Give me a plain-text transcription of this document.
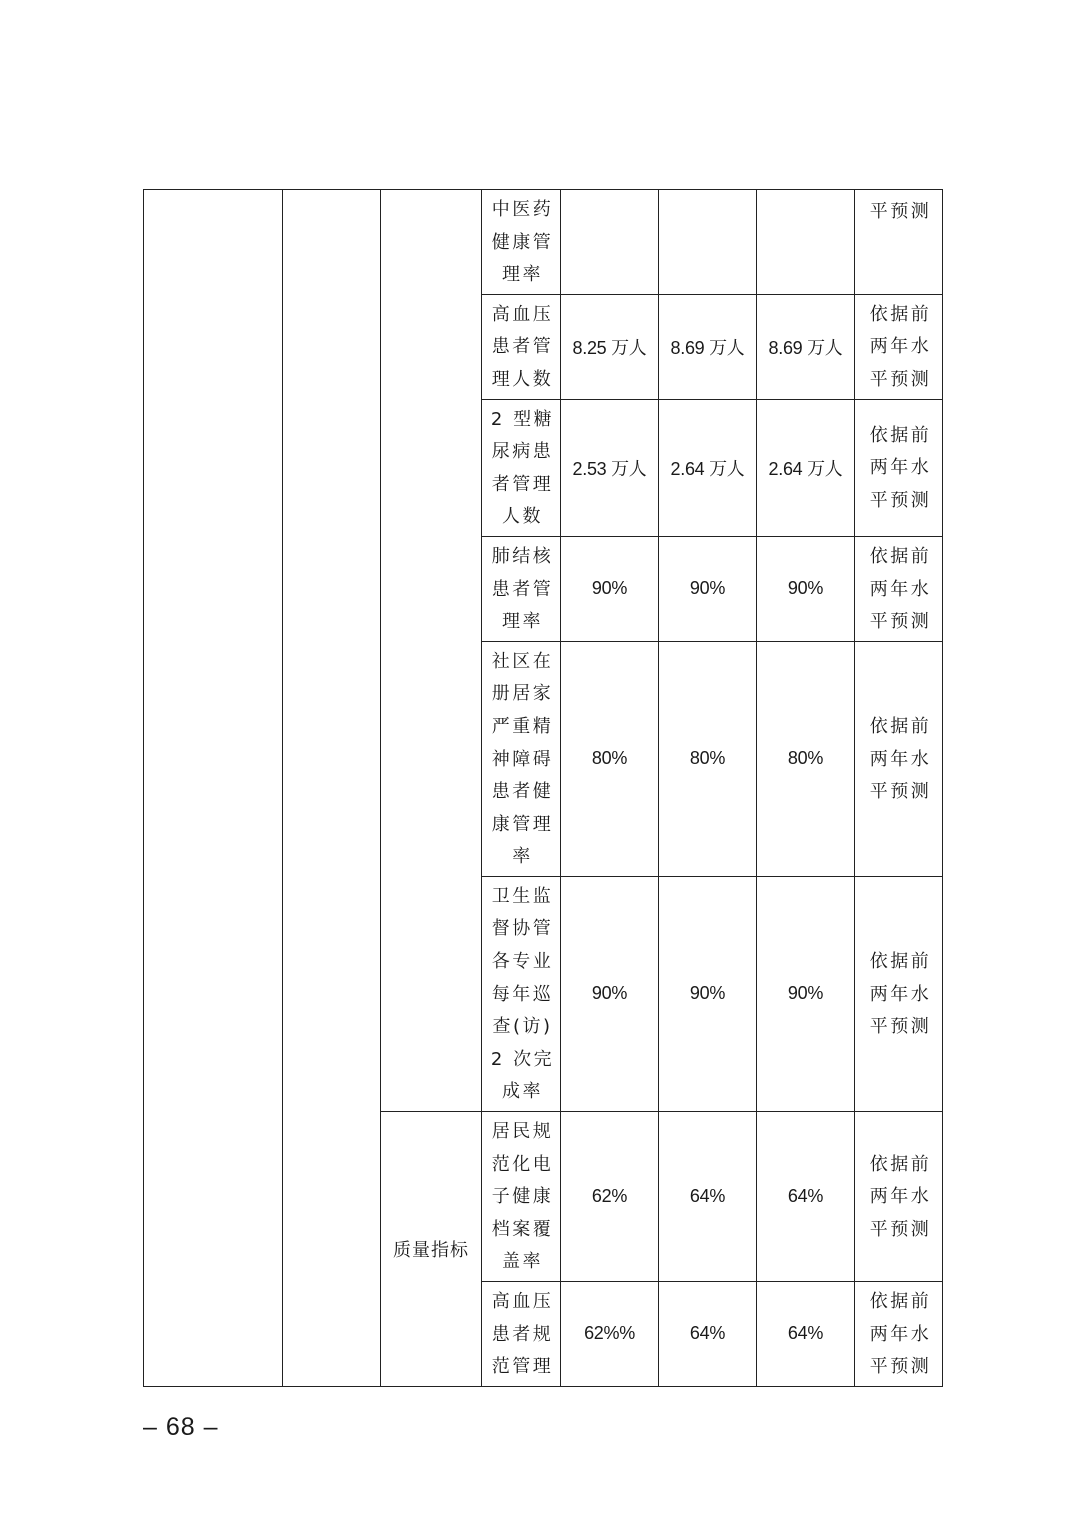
			中医药健康管理率				平预测
			高血压患者管理人数	8.25 万人	8.69 万人	8.69 万人	依据前两年水平预测
			2 型糖尿病患者管理人数	2.53 万人	2.64 万人	2.64 万人	依据前两年水平预测
			肺结核患者管理率	90%	90%	90%	依据前两年水平预测
			社区在册居家严重精神障碍患者健康管理率	80%	80%	80%	依据前两年水平预测
			卫生监督协管各专业每年巡查(访)2 次完成率	90%	90%	90%	依据前两年水平预测
		质量指标	居民规范化电子健康档案覆盖率	62%	64%	64%	依据前两年水平预测
			高血压患者规范管理	62%%	64%	64%	依据前两年水平预测
– 68 –
